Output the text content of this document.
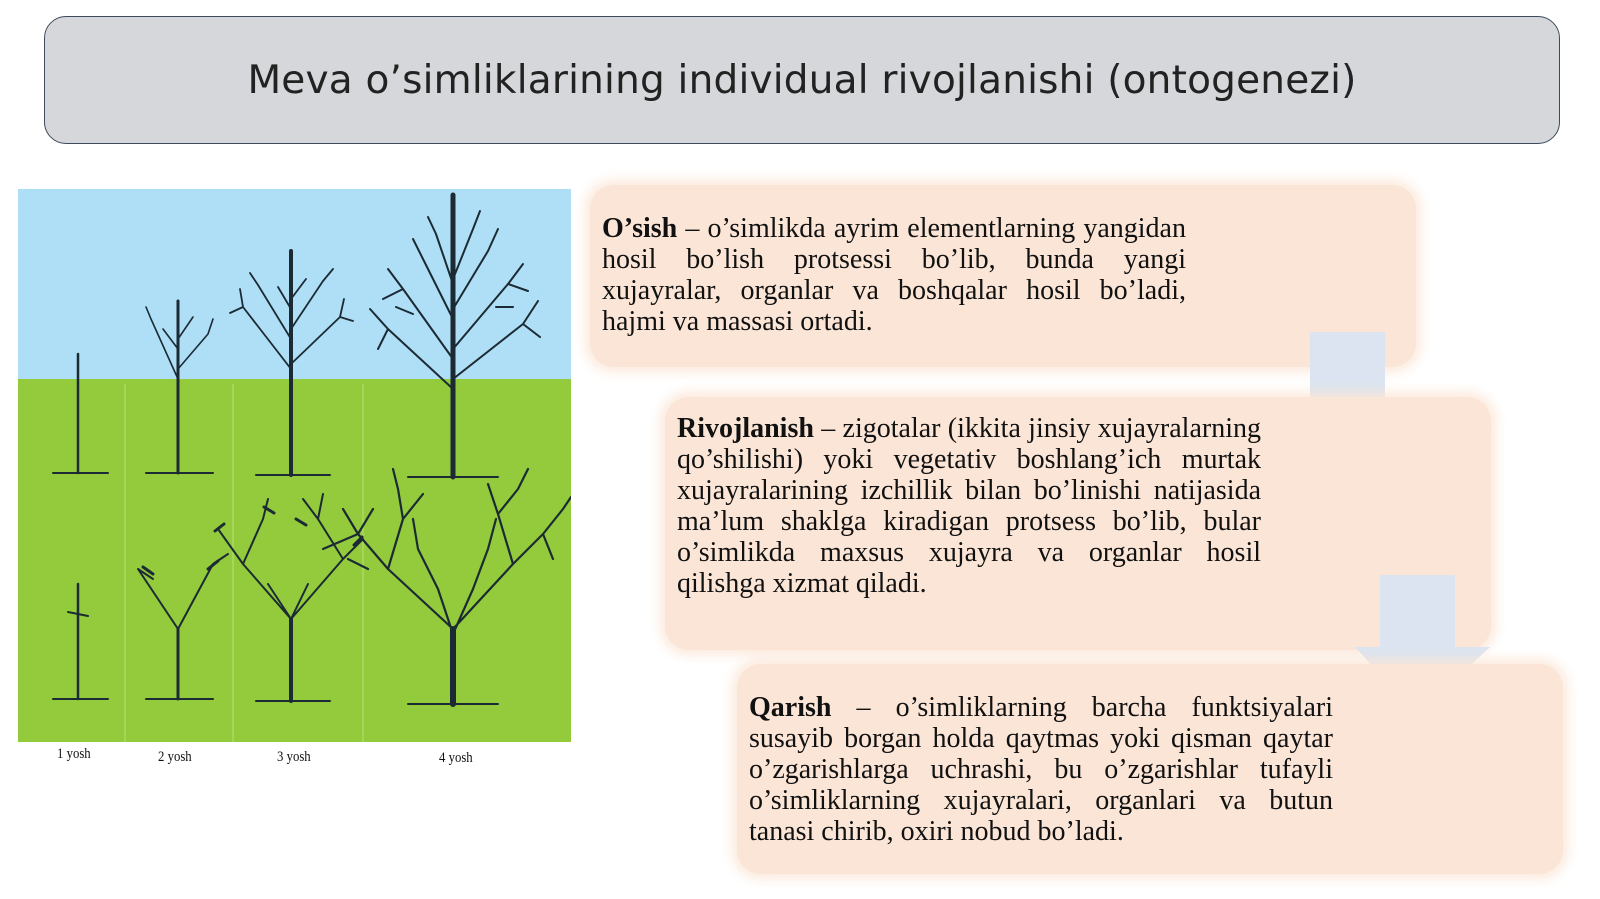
Meva o’simliklarining individual rivojlanishi (ontogenezi)
1 yosh	2 yosh	3 yosh	4 yosh

O’sish – o’simlikda ayrim elementlarning yangidan hosil bo’lish protsessi bo’lib, bunda yangi xujayralar, organlar va boshqalar hosil bo’ladi, hajmi va massasi ortadi.

Rivojlanish – zigotalar (ikkita jinsiy xujayralarning qo’shilishi) yoki vegetativ boshlang’ich murtak xujayralarining izchillik bilan bo’linishi natijasida ma’lum shaklga kiradigan protsess bo’lib, bular o’simlikda maxsus xujayra va organlar hosil qilishga xizmat qiladi.

Qarish – o’simliklarning barcha funktsiyalari susayib borgan holda qaytmas yoki qisman qaytar o’zgarishlarga uchrashi, bu o’zgarishlar tufayli o’simliklarning xujayralari, organlari va butun tanasi chirib, oxiri nobud bo’ladi.
